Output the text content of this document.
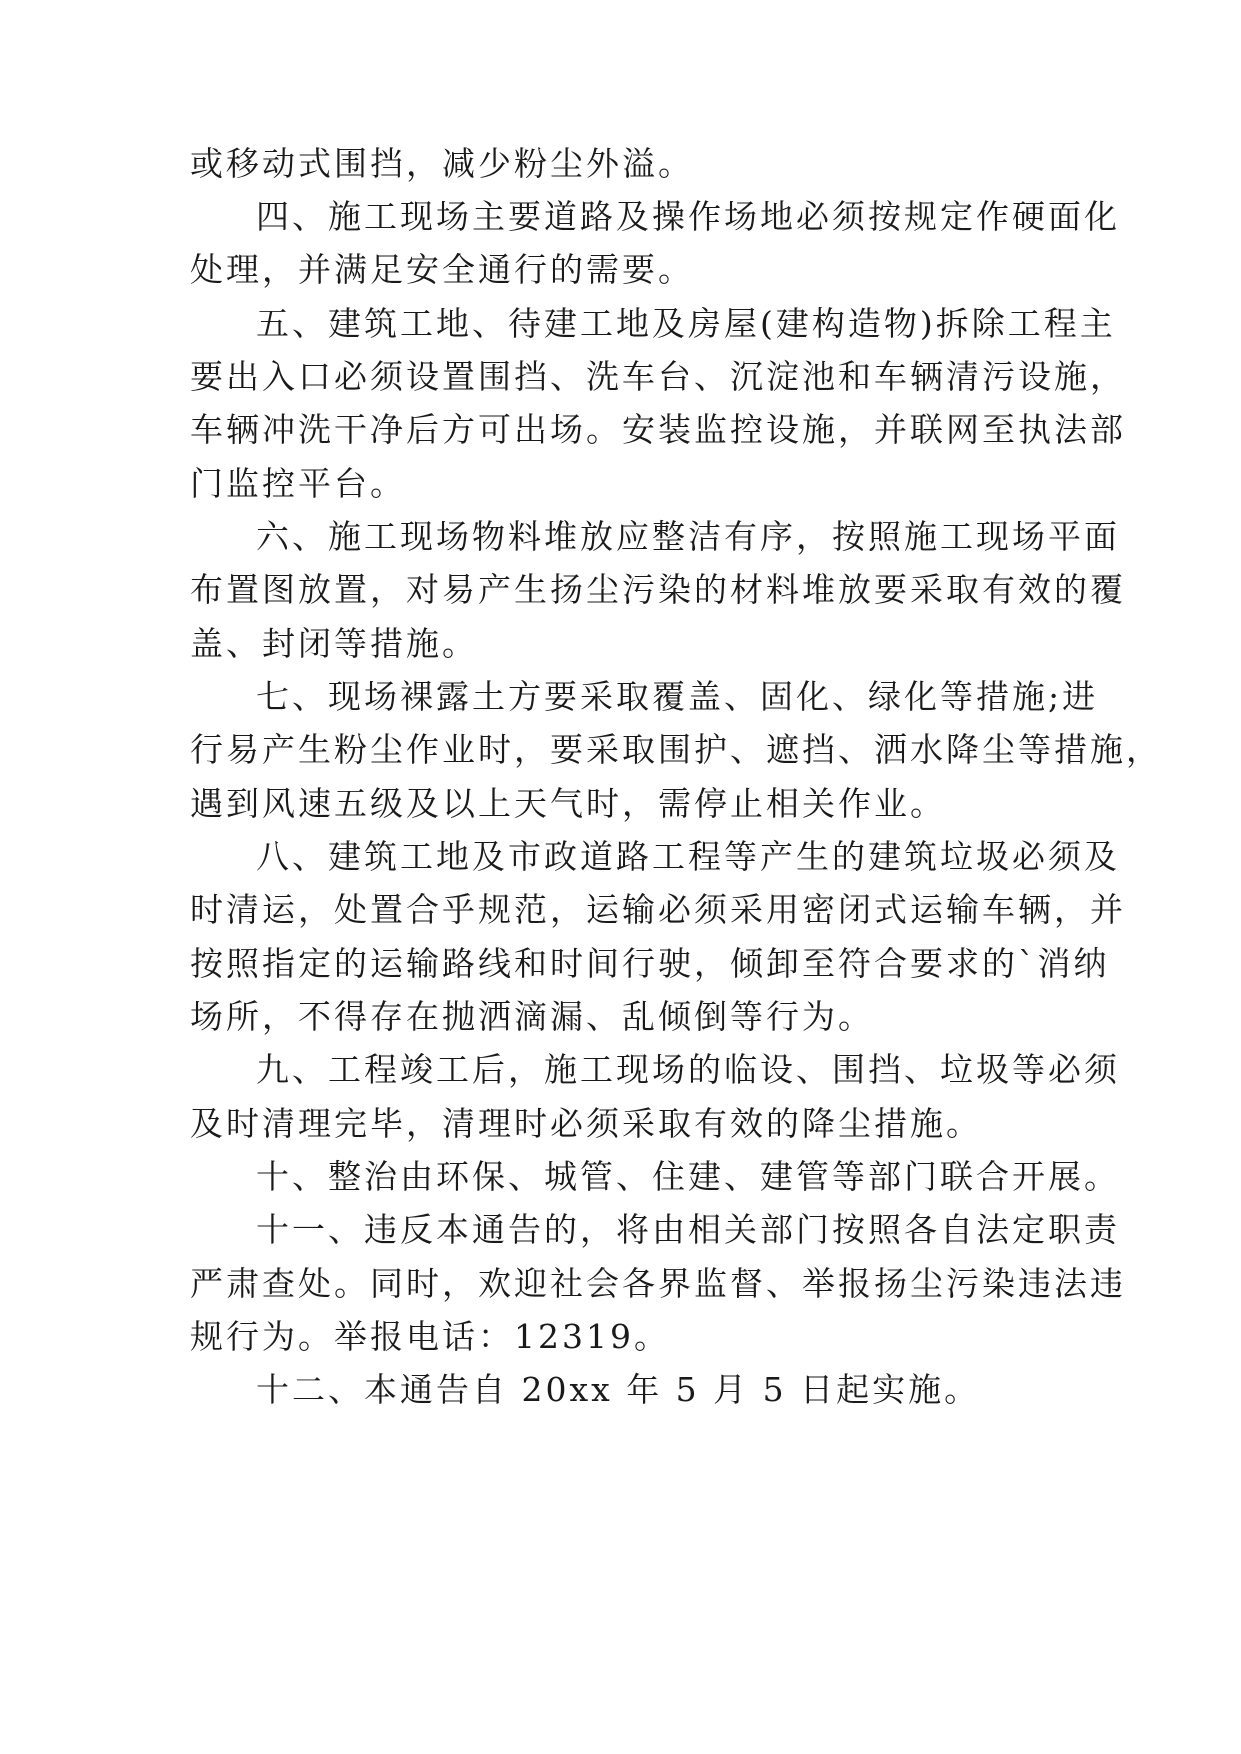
或移动式围挡，减少粉尘外溢。
四、施工现场主要道路及操作场地必须按规定作硬面化
处理，并满足安全通行的需要。
五、建筑工地、待建工地及房屋(建构造物)拆除工程主
要出入口必须设置围挡、洗车台、沉淀池和车辆清污设施，
车辆冲洗干净后方可出场。安装监控设施，并联网至执法部
门监控平台。
六、施工现场物料堆放应整洁有序，按照施工现场平面
布置图放置，对易产生扬尘污染的材料堆放要采取有效的覆
盖、封闭等措施。
七、现场裸露土方要采取覆盖、固化、绿化等措施;进
行易产生粉尘作业时，要采取围护、遮挡、洒水降尘等措施，
遇到风速五级及以上天气时，需停止相关作业。
八、建筑工地及市政道路工程等产生的建筑垃圾必须及
时清运，处置合乎规范，运输必须采用密闭式运输车辆，并
按照指定的运输路线和时间行驶，倾卸至符合要求的`消纳
场所，不得存在抛洒滴漏、乱倾倒等行为。
九、工程竣工后，施工现场的临设、围挡、垃圾等必须
及时清理完毕，清理时必须采取有效的降尘措施。
十、整治由环保、城管、住建、建管等部门联合开展。
十一、违反本通告的，将由相关部门按照各自法定职责
严肃查处。同时，欢迎社会各界监督、举报扬尘污染违法违
规行为。举报电话：12319。
十二、本通告自 20xx 年 5 月 5 日起实施。
